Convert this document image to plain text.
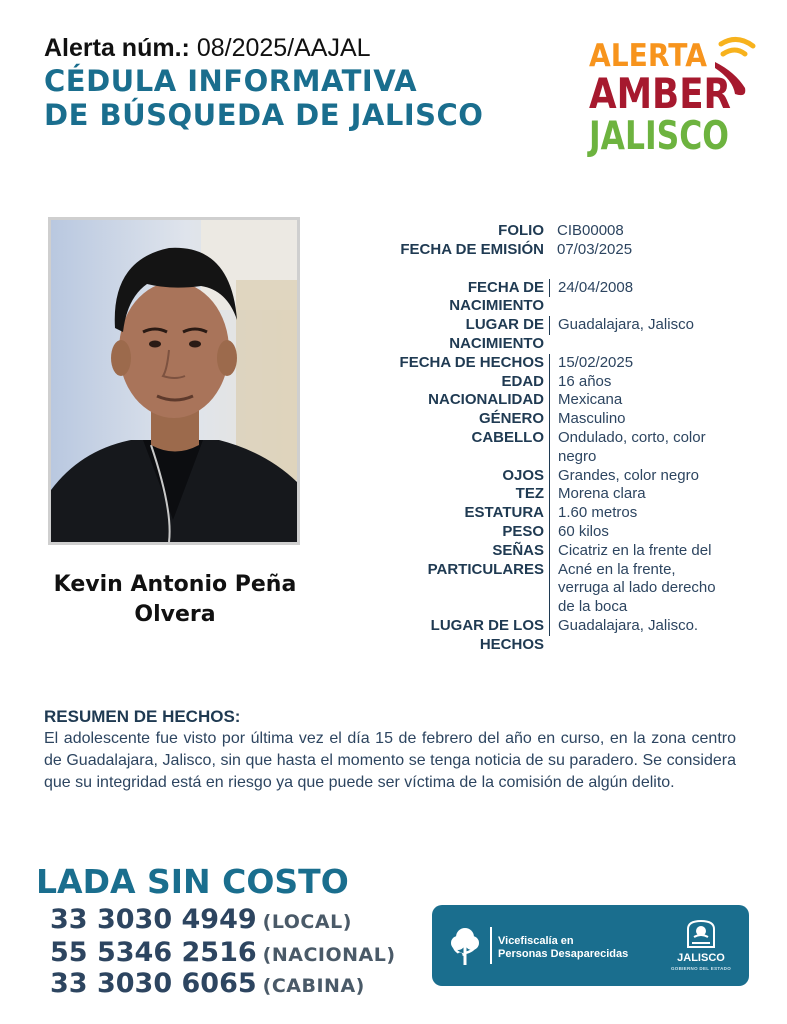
Alerta núm.: 08/2025/AAJAL
CÉDULA INFORMATIVA
DE BÚSQUEDA DE JALISCO
ALERTA
AMBER
JALISCO
Kevin Antonio Peña Olvera
FOLIO CIB00008
FECHA DE EMISIÓN 07/03/2025
FECHA DE
NACIMIENTO
24/04/2008
LUGAR DE
NACIMIENTO
Guadalajara, Jalisco
FECHA DE HECHOS 15/02/2025
EDAD 16 años
NACIONALIDAD Mexicana
GÉNERO Masculino
CABELLO Ondulado, corto, color
negro
OJOS Grandes, color negro
TEZ Morena clara
ESTATURA 1.60 metros
PESO 60 kilos
SEÑAS
PARTICULARES
Cicatriz en la frente del
Acné en la frente,
verruga al lado derecho
de la boca
LUGAR DE LOS
HECHOS
Guadalajara, Jalisco.
RESUMEN DE HECHOS:

El adolescente fue visto por última vez el día 15 de febrero del año en curso, en la zona centro de Guadalajara, Jalisco, sin que hasta el momento se tenga noticia de su paradero. Se considera que su integridad está en riesgo ya que puede ser víctima de la comisión de algún delito.

LADA SIN COSTO
33 3030 4949 (LOCAL)
55 5346 2516 (NACIONAL)
33 3030 6065 (CABINA)
Vicefiscalía en
Personas Desaparecidas	JALISCO
GOBIERNO DEL ESTADO
